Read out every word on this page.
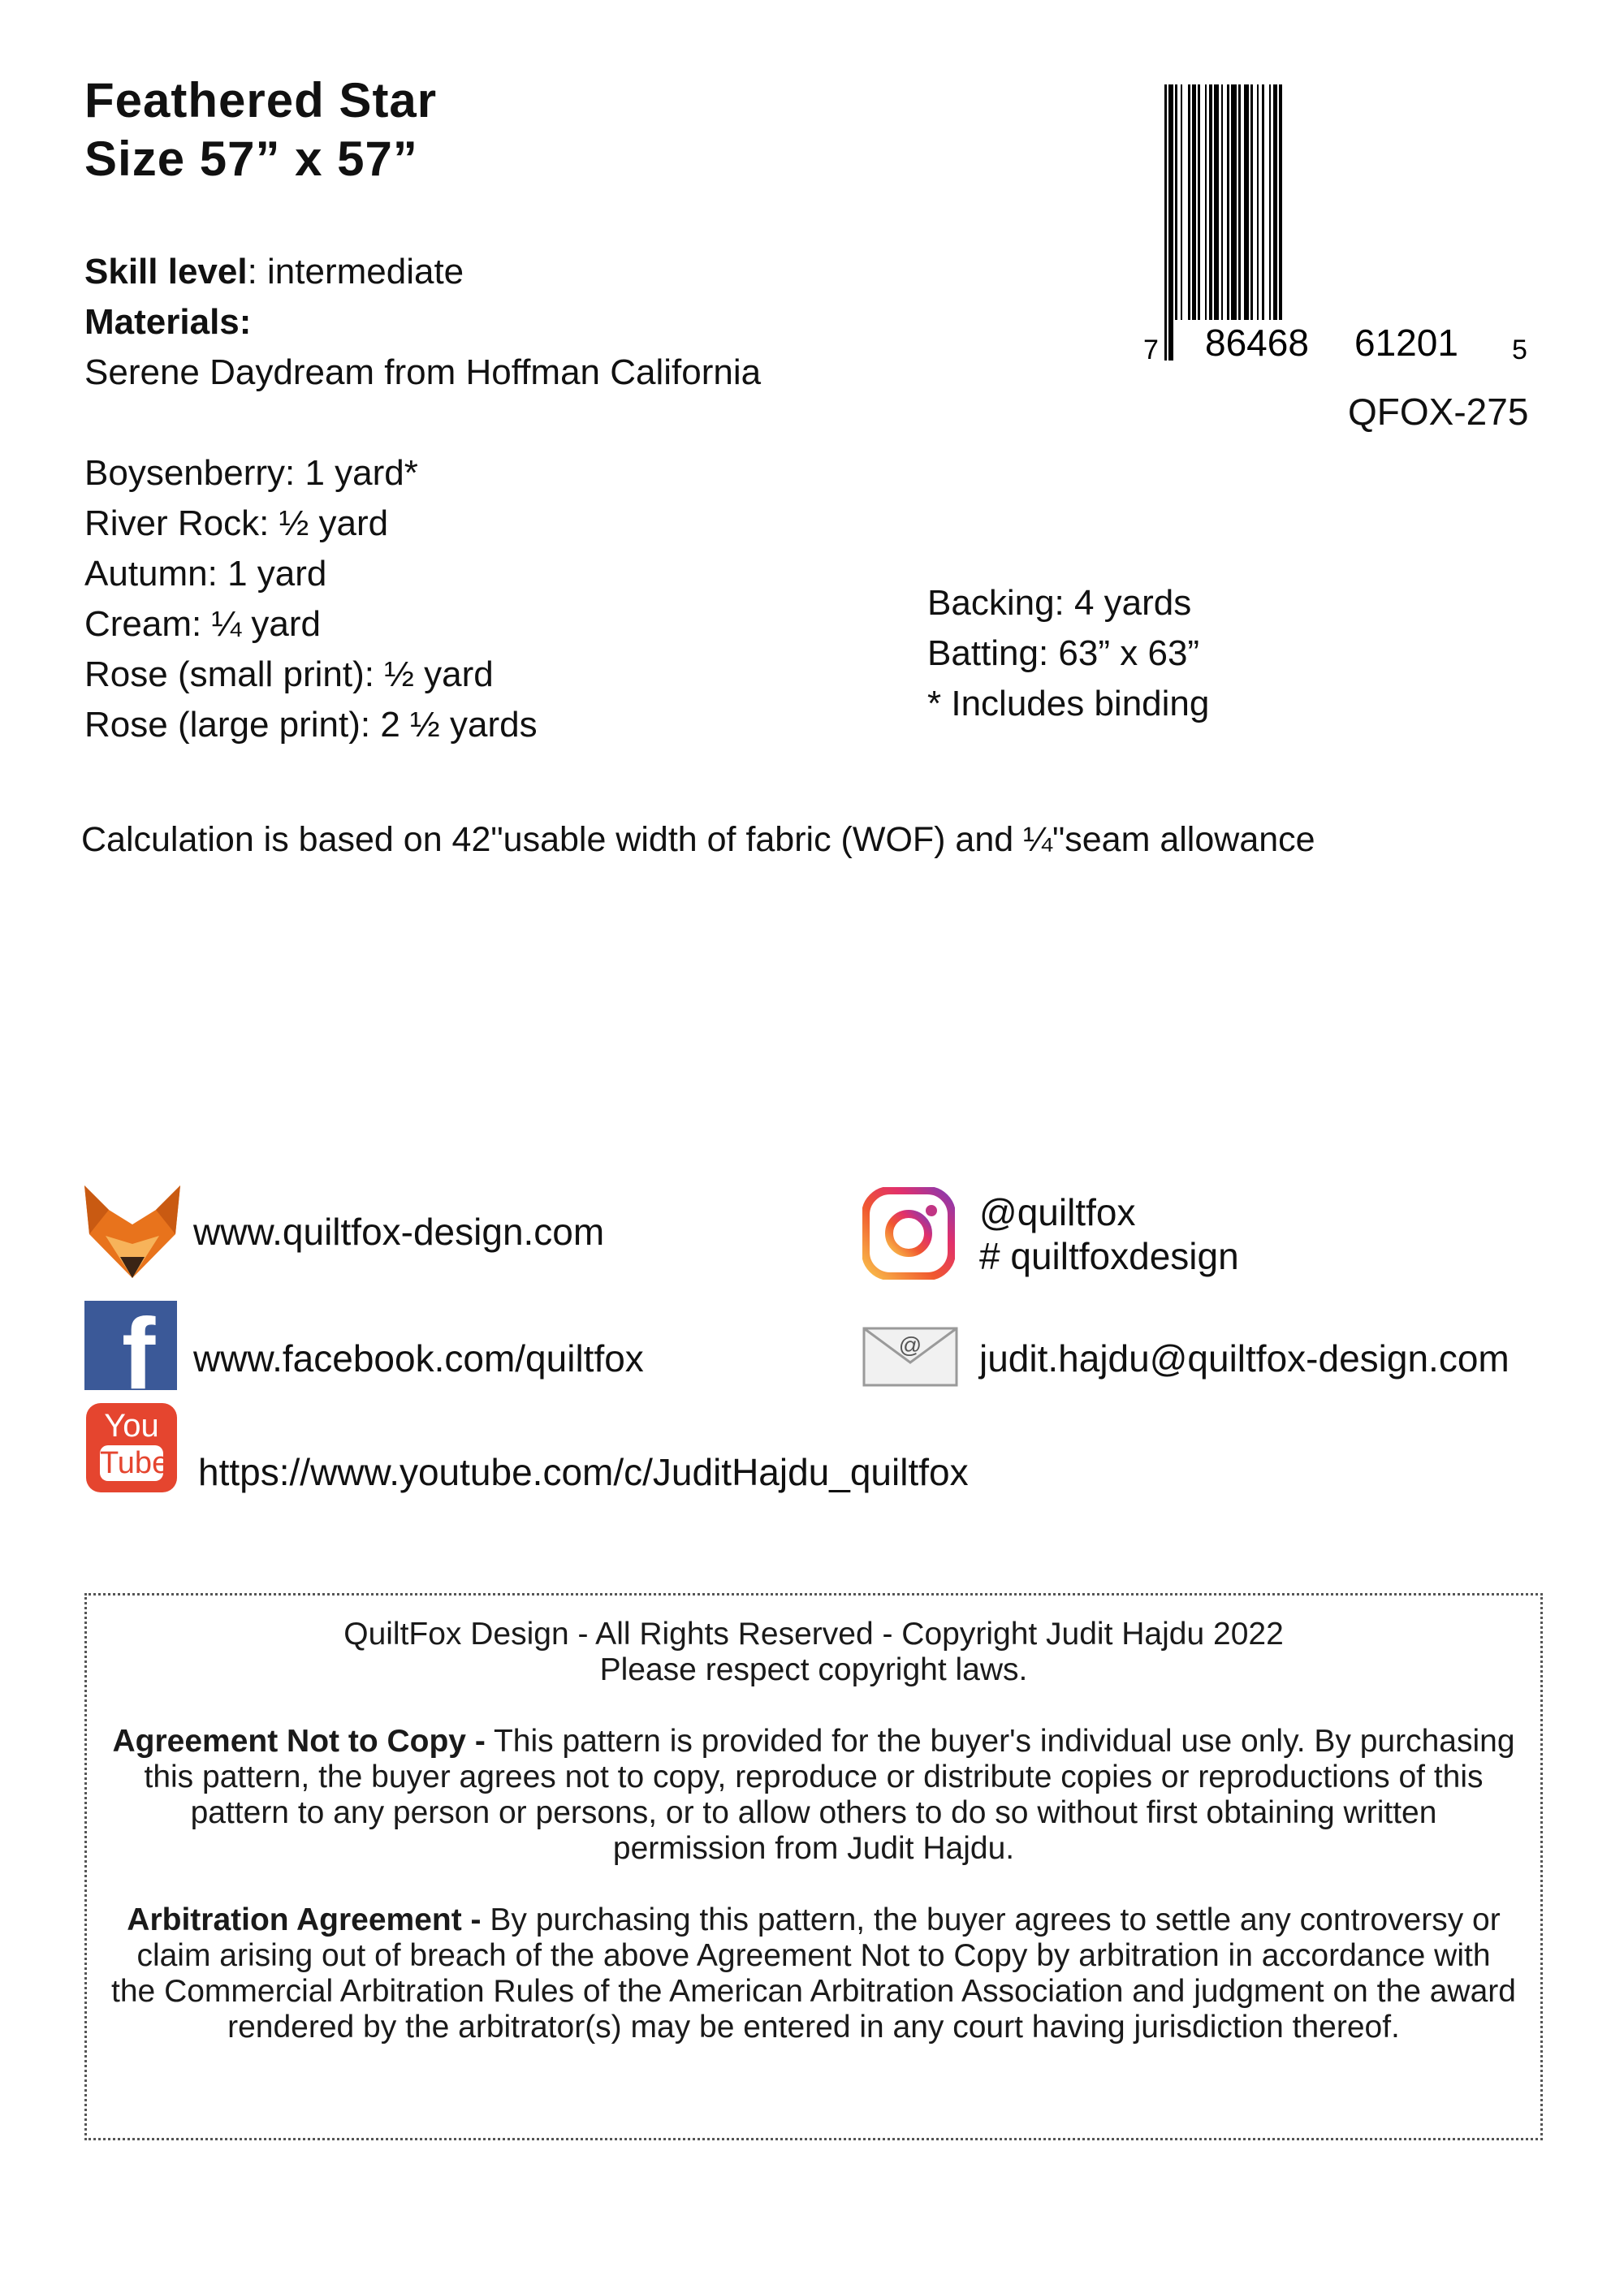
Feathered Star
Size 57” x 57”
Skill level: intermediate
Materials:
Serene Daydream from Hoffman California
Boysenberry: 1 yard*
River Rock: ½ yard
Autumn: 1 yard
Cream: ¼ yard
Rose (small print): ½ yard
Rose (large print): 2 ½ yards
Backing: 4 yards
Batting: 63” x 63”
* Includes binding
7 86468 61201 5
QFOX-275
Calculation is based on 42"usable width of fabric (WOF) and ¼"seam allowance
www.quiltfox-design.com
f www.facebook.com/quiltfox
You
Tube https://www.youtube.com/c/JuditHajdu_quiltfox
@quiltfox
# quiltfoxdesign
@ judit.hajdu@quiltfox-design.com

QuiltFox Design - All Rights Reserved - Copyright Judit Hajdu 2022

Please respect copyright laws.

Agreement Not to Copy - This pattern is provided for the buyer's individual use only. By purchasing this pattern, the buyer agrees not to copy, reproduce or distribute copies or reproductions of this pattern to any person or persons, or to allow others to do so without first obtaining written permission from Judit Hajdu.

Arbitration Agreement - By purchasing this pattern, the buyer agrees to settle any controversy or claim arising out of breach of the above Agreement Not to Copy by arbitration in accordance with the Commercial Arbitration Rules of the American Arbitration Association and judgment on the award rendered by the arbitrator(s) may be entered in any court having jurisdiction thereof.
